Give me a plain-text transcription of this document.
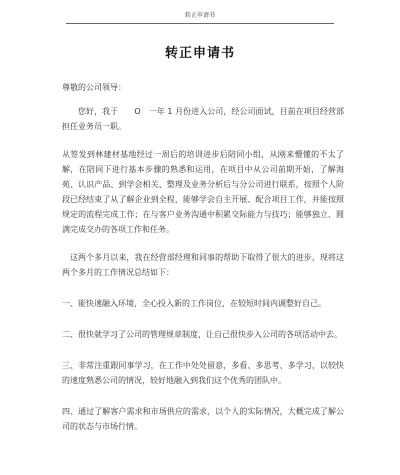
转正申请书
转正申请书

尊敬的公司领导：

您好，我于　　O　一年 1 月份进入公司，经公司面试，目前在项目经营部担任业务员一职。

从签发到林建材基地经过一周后的培训进步后陪同小组，从刚来懵懂的不太了解，在陪同下进行基本步骤的熟悉和运用，在项目中从公司前期开始，了解海苑、认识产品、到学会相关、整理及业务分析后与分公司进行联系，按照个人阶段已经结束了从了解企业到全程，能够学会自主开展、配合项目工作，并能按照规定的流程完成工作；在与客户业务沟通中积累交际能力与技巧；能够独立、圆满完成交办的各项工作和任务。

这两个多月以来，我在经营部经理和同事的帮助下取得了很大的进步，现将这两个多月的工作情况总结如下：

一、能快速融入环境，全心投入新的工作岗位，在较短时间内调整好自己。

二、很快就学习了公司的管理规章制度，让自己很快步入公司的各项活动中去。

三、非常注重跟同事学习，在工作中处处留意，多看、多思考、多学习，以较快的速度熟悉公司的情况，较好地融入到我们这个优秀的团队中。

四、通过了解客户需求和市场供应的需求，以个人的实际情况，大概完成了解公司的状态与市场行情。
